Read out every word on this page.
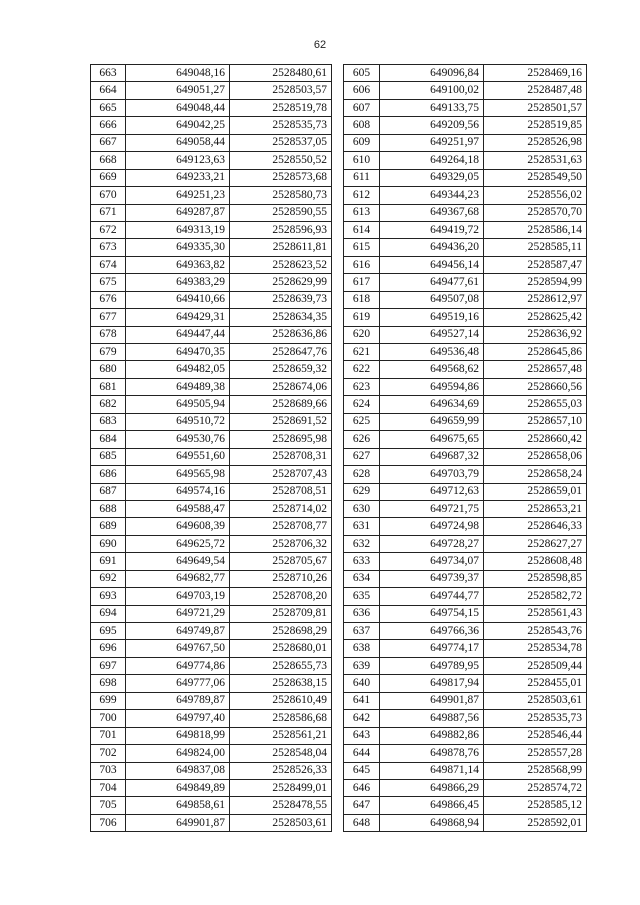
62
663	649048,16	2528480,61
664	649051,27	2528503,57
665	649048,44	2528519,78
666	649042,25	2528535,73
667	649058,44	2528537,05
668	649123,63	2528550,52
669	649233,21	2528573,68
670	649251,23	2528580,73
671	649287,87	2528590,55
672	649313,19	2528596,93
673	649335,30	2528611,81
674	649363,82	2528623,52
675	649383,29	2528629,99
676	649410,66	2528639,73
677	649429,31	2528634,35
678	649447,44	2528636,86
679	649470,35	2528647,76
680	649482,05	2528659,32
681	649489,38	2528674,06
682	649505,94	2528689,66
683	649510,72	2528691,52
684	649530,76	2528695,98
685	649551,60	2528708,31
686	649565,98	2528707,43
687	649574,16	2528708,51
688	649588,47	2528714,02
689	649608,39	2528708,77
690	649625,72	2528706,32
691	649649,54	2528705,67
692	649682,77	2528710,26
693	649703,19	2528708,20
694	649721,29	2528709,81
695	649749,87	2528698,29
696	649767,50	2528680,01
697	649774,86	2528655,73
698	649777,06	2528638,15
699	649789,87	2528610,49
700	649797,40	2528586,68
701	649818,99	2528561,21
702	649824,00	2528548,04
703	649837,08	2528526,33
704	649849,89	2528499,01
705	649858,61	2528478,55
706	649901,87	2528503,61
605	649096,84	2528469,16
606	649100,02	2528487,48
607	649133,75	2528501,57
608	649209,56	2528519,85
609	649251,97	2528526,98
610	649264,18	2528531,63
611	649329,05	2528549,50
612	649344,23	2528556,02
613	649367,68	2528570,70
614	649419,72	2528586,14
615	649436,20	2528585,11
616	649456,14	2528587,47
617	649477,61	2528594,99
618	649507,08	2528612,97
619	649519,16	2528625,42
620	649527,14	2528636,92
621	649536,48	2528645,86
622	649568,62	2528657,48
623	649594,86	2528660,56
624	649634,69	2528655,03
625	649659,99	2528657,10
626	649675,65	2528660,42
627	649687,32	2528658,06
628	649703,79	2528658,24
629	649712,63	2528659,01
630	649721,75	2528653,21
631	649724,98	2528646,33
632	649728,27	2528627,27
633	649734,07	2528608,48
634	649739,37	2528598,85
635	649744,77	2528582,72
636	649754,15	2528561,43
637	649766,36	2528543,76
638	649774,17	2528534,78
639	649789,95	2528509,44
640	649817,94	2528455,01
641	649901,87	2528503,61
642	649887,56	2528535,73
643	649882,86	2528546,44
644	649878,76	2528557,28
645	649871,14	2528568,99
646	649866,29	2528574,72
647	649866,45	2528585,12
648	649868,94	2528592,01
